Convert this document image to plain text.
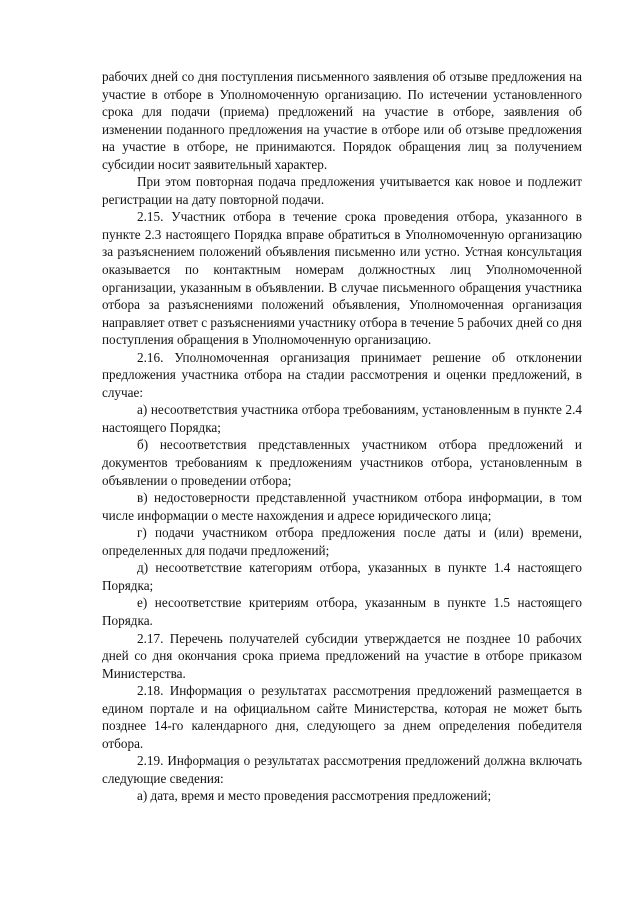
рабочих дней со дня поступления письменного заявления об отзыве предложения на участие в отборе в Уполномоченную организацию. По истечении установленного срока для подачи (приема) предложений на участие в отборе, заявления об изменении поданного предложения на участие в отборе или об отзыве предложения на участие в отборе, не принимаются. Порядок обращения лиц за получением субсидии носит заявительный характер.

При этом повторная подача предложения учитывается как новое и подлежит регистрации на дату повторной подачи.

2.15. Участник отбора в течение срока проведения отбора, указанного в пункте 2.3 настоящего Порядка вправе обратиться в Уполномоченную организацию за разъяснением положений объявления письменно или устно. Устная консультация оказывается по контактным номерам должностных лиц Уполномоченной организации, указанным в объявлении. В случае письменного обращения участника отбора за разъяснениями положений объявления, Уполномоченная организация направляет ответ с разъяснениями участнику отбора в течение 5 рабочих дней со дня поступления обращения в Уполномоченную организацию.

2.16. Уполномоченная организация принимает решение об отклонении предложения участника отбора на стадии рассмотрения и оценки предложений, в случае:

а) несоответствия участника отбора требованиям, установленным в пункте 2.4 настоящего Порядка;

б) несоответствия представленных участником отбора предложений и документов требованиям к предложениям участников отбора, установленным в объявлении о проведении отбора;

в) недостоверности представленной участником отбора информации, в том числе информации о месте нахождения и адресе юридического лица;

г) подачи участником отбора предложения после даты и (или) времени, определенных для подачи предложений;

д) несоответствие категориям отбора, указанных в пункте 1.4 настоящего Порядка;

е) несоответствие критериям отбора, указанным в пункте 1.5 настоящего Порядка.

2.17. Перечень получателей субсидии утверждается не позднее 10 рабочих дней со дня окончания срока приема предложений на участие в отборе приказом Министерства.

2.18. Информация о результатах рассмотрения предложений размещается в едином портале и на официальном сайте Министерства, которая не может быть позднее 14-го календарного дня, следующего за днем определения победителя отбора.

2.19. Информация о результатах рассмотрения предложений должна включать следующие сведения:

а) дата, время и место проведения рассмотрения предложений;
